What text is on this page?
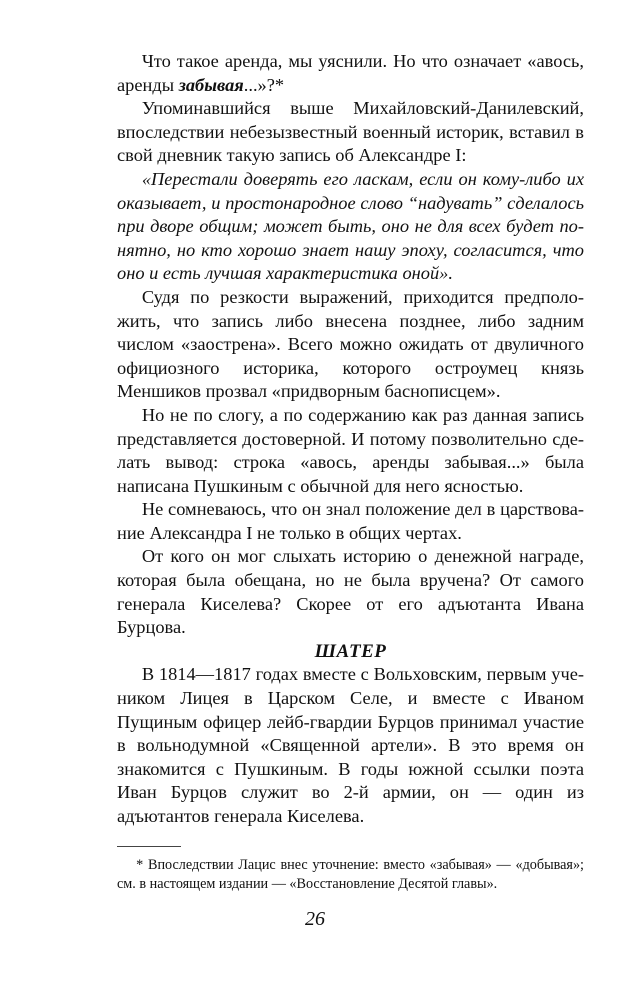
Что такое аренда, мы уяснили. Но что означает «авось, аренды забывая...»?*

Упоминавшийся выше Михайловский-Данилевский, впоследствии небезызвестный военный историк, вставил в свой дневник такую запись об Александре I:

«Перестали доверять его ласкам, если он кому-либо их оказывает, и простонародное слово “надувать” сделалось при дворе общим; может быть, оно не для всех будет понятно, но кто хорошо знает нашу эпоху, согласится, что оно и есть лучшая характеристика оной».

Судя по резкости выражений, приходится предположить, что запись либо внесена позднее, либо задним числом «заострена». Всего можно ожидать от двуличного официозного историка, которого остроумец князь Меншиков прозвал «придворным баснописцем».

Но не по слогу, а по содержанию как раз данная запись представляется достоверной. И потому позволительно сделать вывод: строка «авось, аренды забывая...» была написана Пушкиным с обычной для него ясностью.

Не сомневаюсь, что он знал положение дел в царствование Александра I не только в общих чертах.

От кого он мог слыхать историю о денежной награде, которая была обещана, но не была вручена? От самого генерала Киселева? Скорее от его адъютанта Ивана Бурцова.

ШАТЕР

В 1814—1817 годах вместе с Вольховским, первым учеником Лицея в Царском Селе, и вместе с Иваном Пущиным офицер лейб-гвардии Бурцов принимал участие в вольнодумной «Священной артели». В это время он знакомится с Пушкиным. В годы южной ссылки поэта Иван Бурцов служит во 2-й армии, он — один из адъютантов генерала Киселева.

* Впоследствии Лацис внес уточнение: вместо «забывая» — «добывая»; см. в настоящем издании — «Восстановление Десятой главы».
26
